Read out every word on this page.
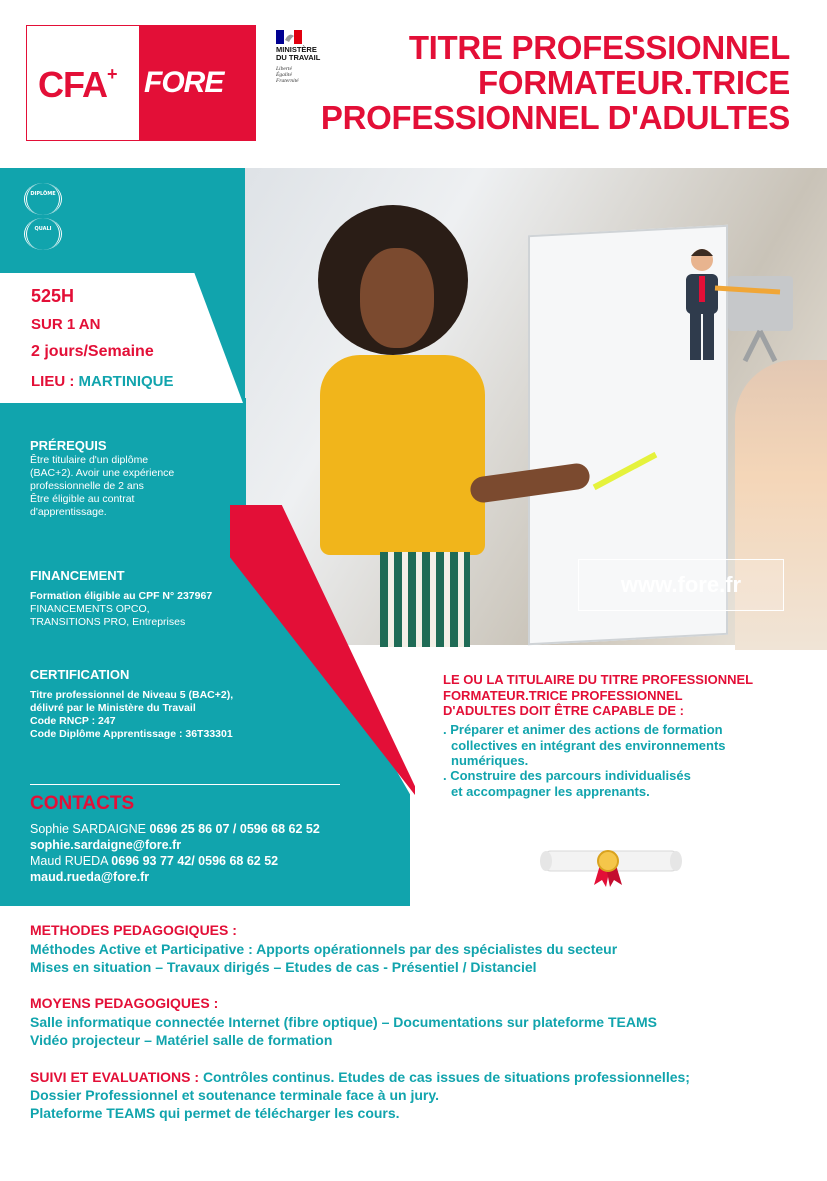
CFA+ FORE
MINISTÈRE
DU TRAVAIL
Liberté
Égalité
Fraternité
TITRE PROFESSIONNEL
FORMATEUR.TRICE
PROFESSIONNEL D'ADULTES
www.fore.fr
DIPLÔME
QUALI
525H
SUR 1 AN
2 jours/Semaine
LIEU : MARTINIQUE
PRÉREQUIS
Être titulaire d'un diplôme
(BAC+2). Avoir une expérience
professionnelle de 2 ans
Être éligible au contrat
d'apprentissage.
FINANCEMENT
Formation éligible au CPF N° 237967
FINANCEMENTS OPCO,
TRANSITIONS PRO, Entreprises
CERTIFICATION
Titre professionnel de Niveau 5 (BAC+2),
délivré par le Ministère du Travail
Code RNCP : 247
Code Diplôme Apprentissage : 36T33301
CONTACTS
Sophie SARDAIGNE 0696 25 86 07 / 0596 68 62 52
sophie.sardaigne@fore.fr
Maud RUEDA 0696 93 77 42/ 0596 68 62 52
maud.rueda@fore.fr
LE OU LA TITULAIRE DU TITRE PROFESSIONNEL
FORMATEUR.TRICE PROFESSIONNEL
D'ADULTES DOIT ÊTRE CAPABLE DE :
. Préparer et animer des actions de formation
collectives en intégrant des environnements
numériques.
. Construire des parcours individualisés
et accompagner les apprenants.
METHODES PEDAGOGIQUES :
Méthodes Active et Participative : Apports opérationnels par des spécialistes du secteur
Mises en situation – Travaux dirigés – Etudes de cas - Présentiel / Distanciel
MOYENS PEDAGOGIQUES :
Salle informatique connectée Internet (fibre optique) – Documentations sur plateforme TEAMS
Vidéo projecteur – Matériel salle de formation
SUIVI ET EVALUATIONS : Contrôles continus. Etudes de cas issues de situations professionnelles;
Dossier Professionnel et soutenance terminale face à un jury.
Plateforme TEAMS qui permet de télécharger les cours.
